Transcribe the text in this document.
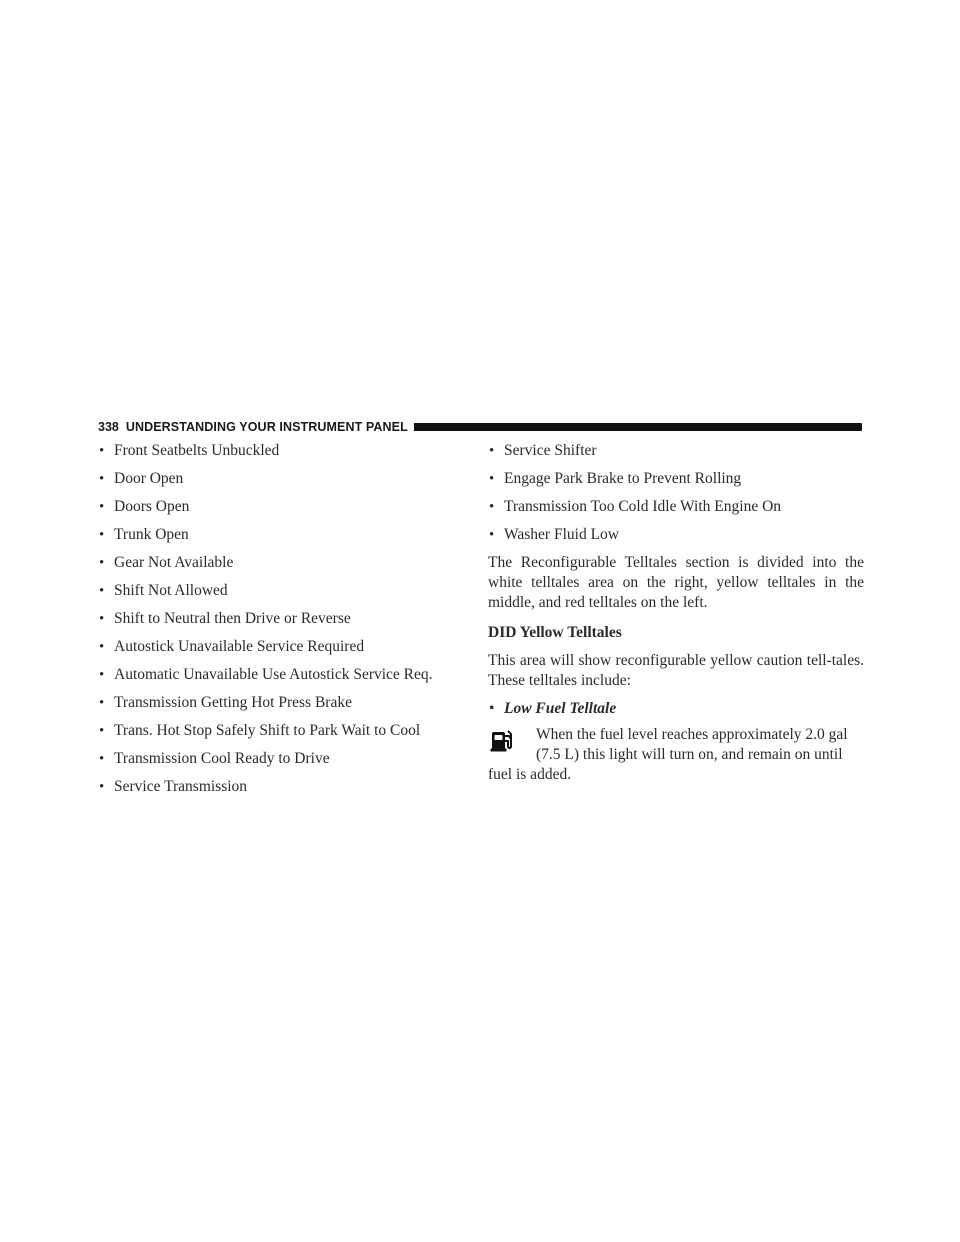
338 UNDERSTANDING YOUR INSTRUMENT PANEL
• Front Seatbelts Unbuckled
• Door Open
• Doors Open
• Trunk Open
• Gear Not Available
• Shift Not Allowed
• Shift to Neutral then Drive or Reverse
• Autostick Unavailable Service Required
• Automatic Unavailable Use Autostick Service Req.
• Transmission Getting Hot Press Brake
• Trans. Hot Stop Safely Shift to Park Wait to Cool
• Transmission Cool Ready to Drive
• Service Transmission
• Service Shifter
• Engage Park Brake to Prevent Rolling
• Transmission Too Cold Idle With Engine On
• Washer Fluid Low

The Reconfigurable Telltales section is divided into the white telltales area on the right, yellow telltales in the middle, and red telltales on the left.

DID Yellow Telltales

This area will show reconfigurable yellow caution tell-tales. These telltales include:

• Low Fuel Telltale
When the fuel level reaches approximately 2.0 gal
(7.5 L) this light will turn on, and remain on until
fuel is added.
